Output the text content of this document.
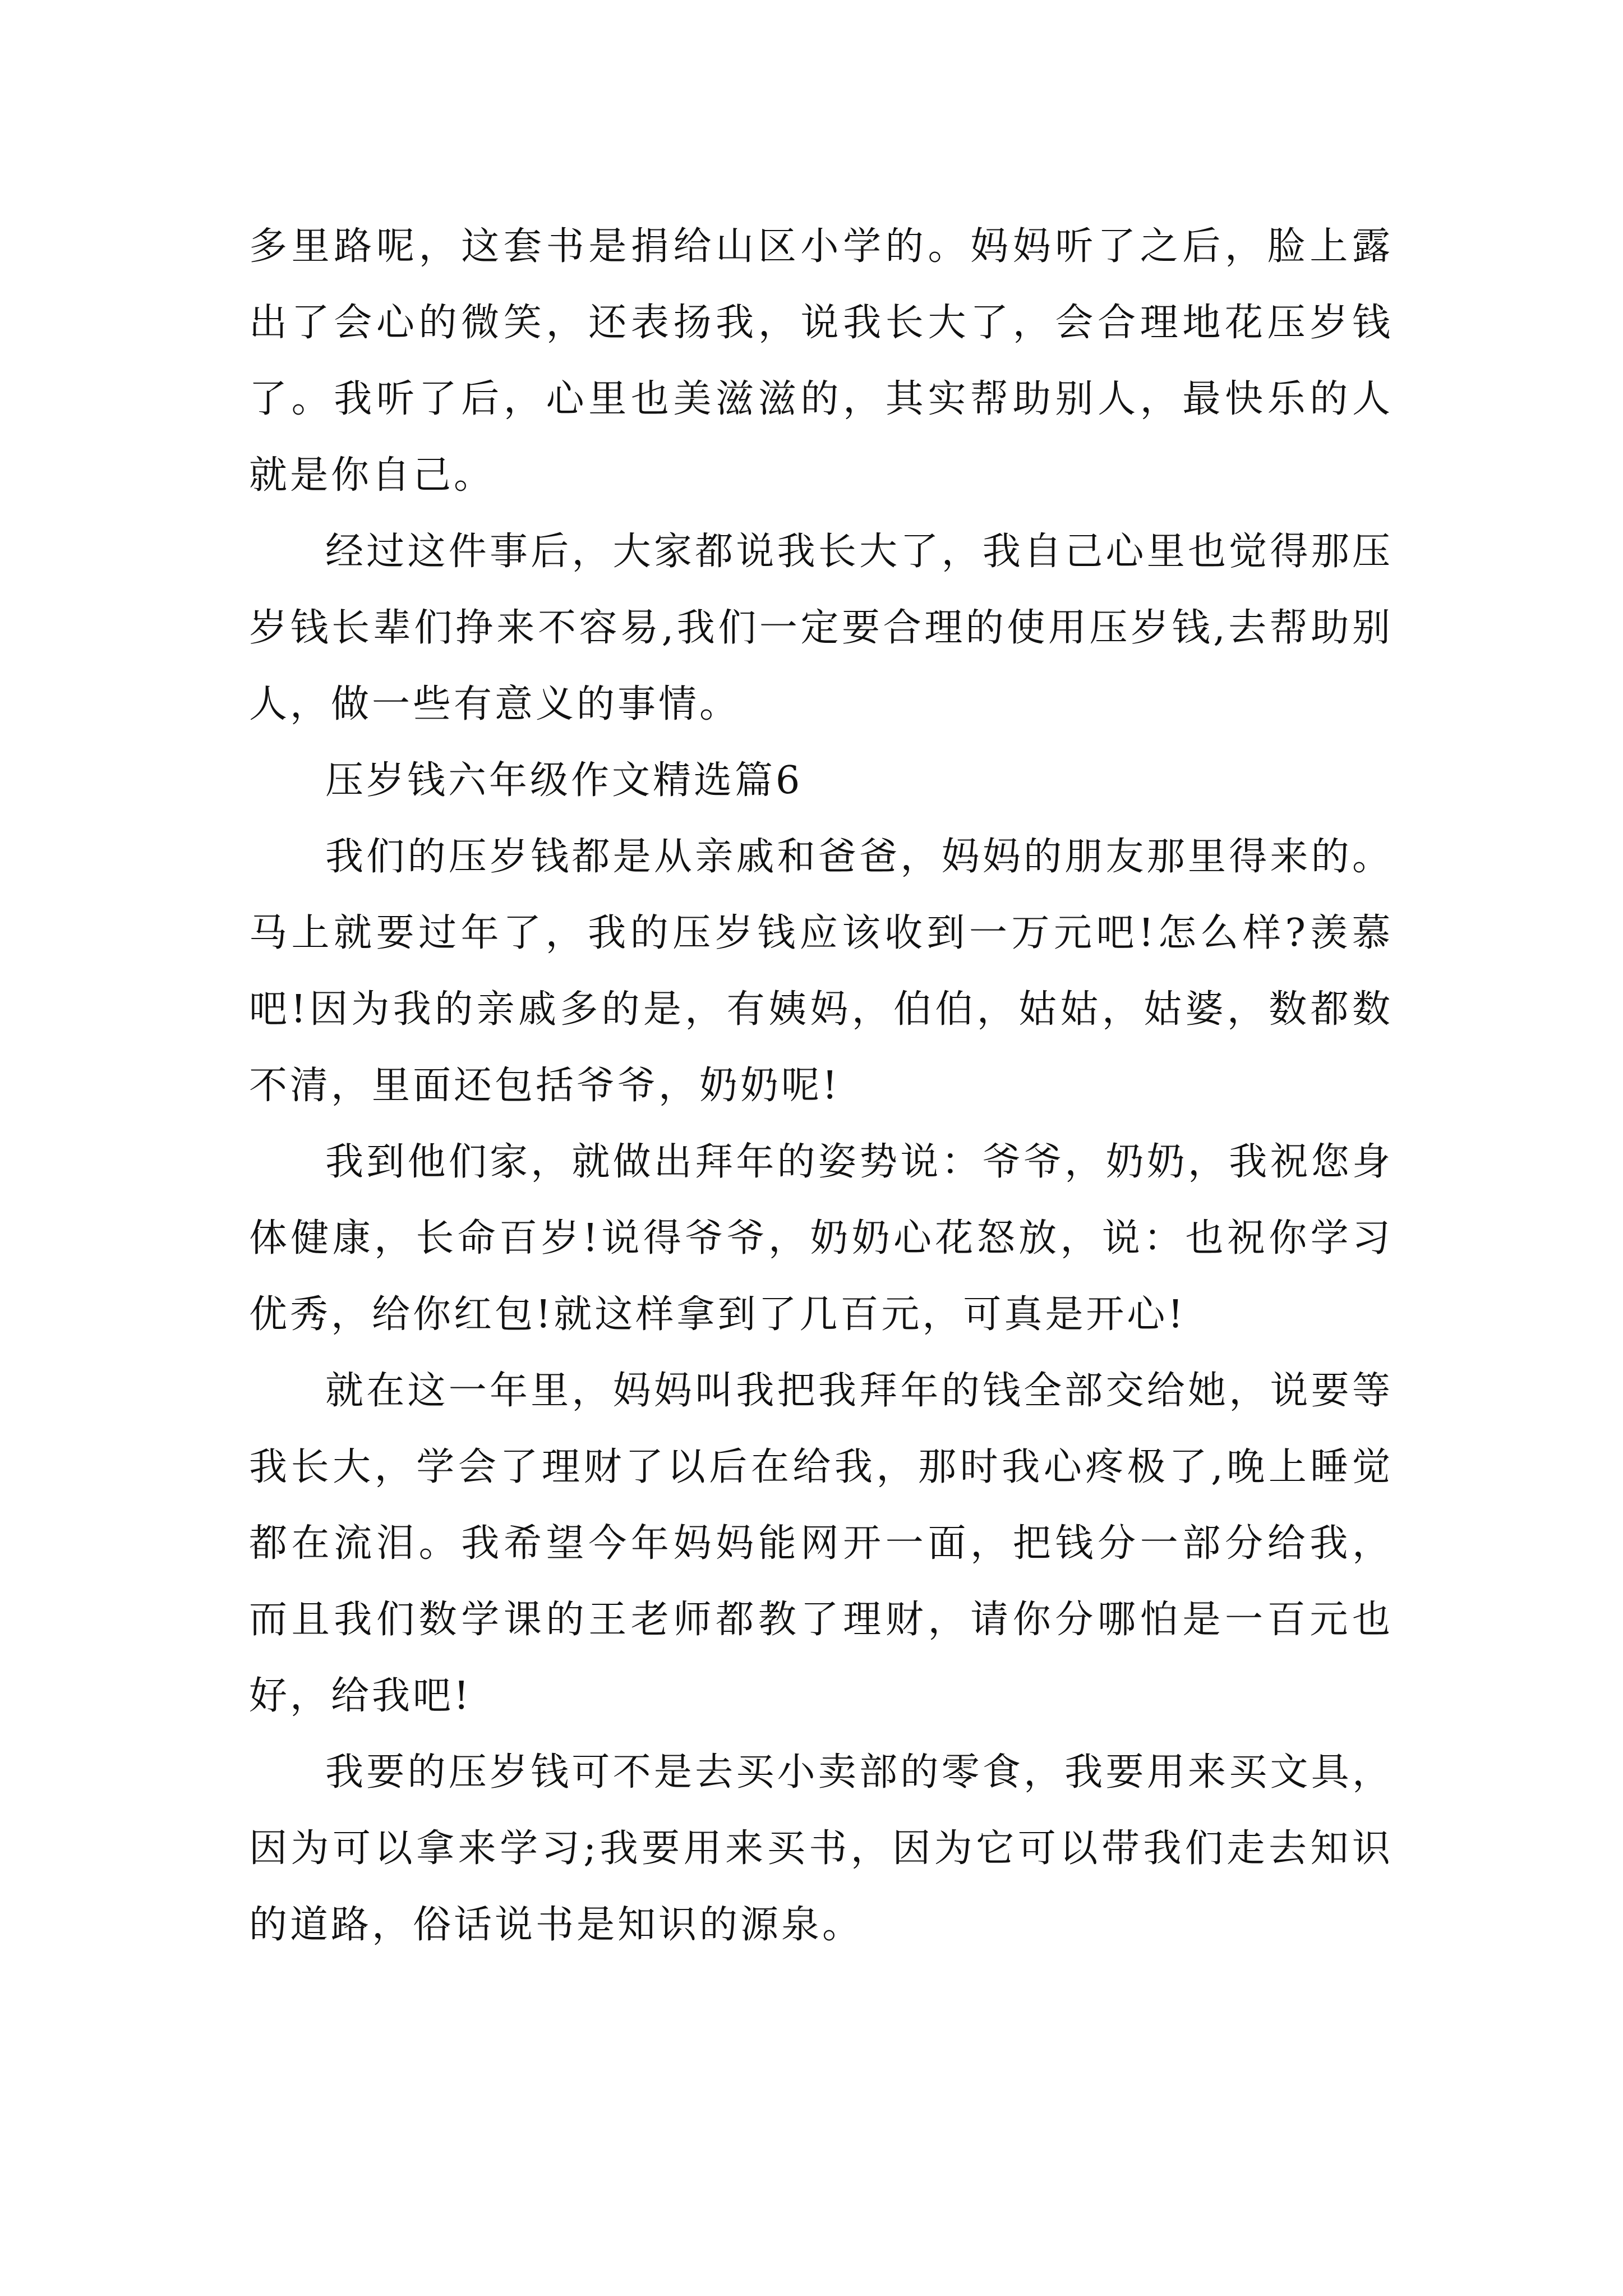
多里路呢，这套书是捐给山区小学的。妈妈听了之后，脸上露出了会心的微笑，还表扬我，说我长大了，会合理地花压岁钱了。我听了后，心里也美滋滋的，其实帮助别人，最快乐的人就是你自己。

经过这件事后，大家都说我长大了，我自己心里也觉得那压岁钱长辈们挣来不容易,我们一定要合理的使用压岁钱,去帮助别人，做一些有意义的事情。

压岁钱六年级作文精选篇6

我们的压岁钱都是从亲戚和爸爸，妈妈的朋友那里得来的。马上就要过年了，我的压岁钱应该收到一万元吧!怎么样?羡慕吧!因为我的亲戚多的是，有姨妈，伯伯，姑姑，姑婆，数都数不清，里面还包括爷爷，奶奶呢!

我到他们家，就做出拜年的姿势说：爷爷，奶奶，我祝您身体健康，长命百岁!说得爷爷，奶奶心花怒放，说：也祝你学习优秀，给你红包!就这样拿到了几百元，可真是开心!

就在这一年里，妈妈叫我把我拜年的钱全部交给她，说要等我长大，学会了理财了以后在给我，那时我心疼极了,晚上睡觉都在流泪。我希望今年妈妈能网开一面，把钱分一部分给我，而且我们数学课的王老师都教了理财，请你分哪怕是一百元也好，给我吧!

我要的压岁钱可不是去买小卖部的零食，我要用来买文具，因为可以拿来学习;我要用来买书，因为它可以带我们走去知识的道路，俗话说书是知识的源泉。
